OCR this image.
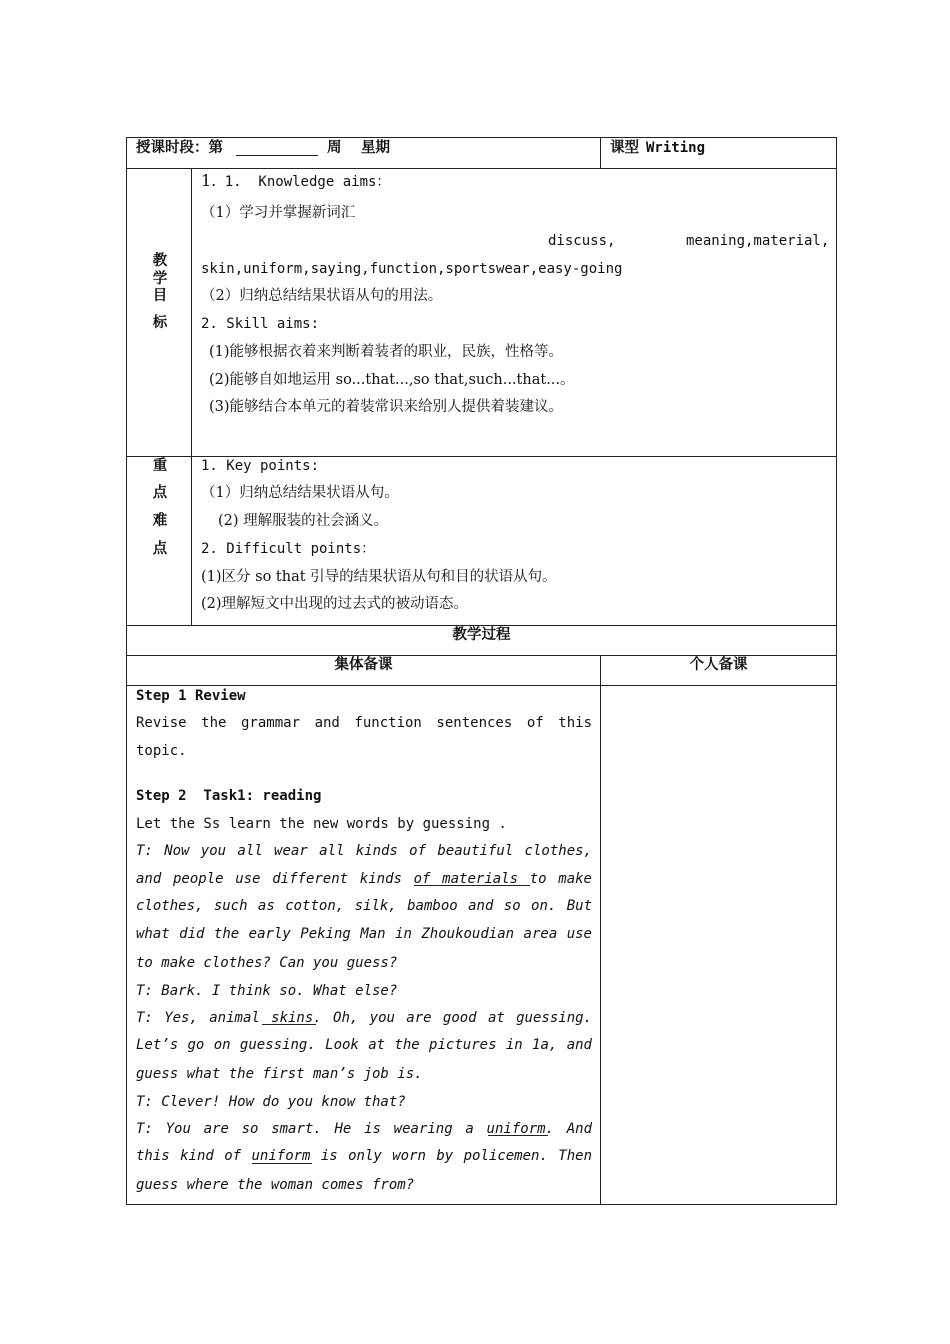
授课时段：第	周 星期	课型 Writing
教
学
目
标
1. 1.  Knowledge aims：
（1）学习并掌握新词汇
discuss,	meaning,material,
skin,uniform,saying,function,sportswear,easy-going
（2）归纳总结结果状语从句的用法。
2. Skill aims:
(1)能够根据衣着来判断着装者的职业，民族，性格等。
(2)能够自如地运用 so...that...,so that,such...that...。
(3)能够结合本单元的着装常识来给别人提供着装建议。
重
点
难
点
1. Key points:
（1）归纳总结结果状语从句。
(2) 理解服装的社会涵义。
2. Difficult points：
(1)区分 so that 引导的结果状语从句和目的状语从句。
(2)理解短文中出现的过去式的被动语态。
教学过程
集体备课	个人备课
Step 1 Review
Revise the grammar and function sentences of this
topic.
Step 2  Task1: reading
Let the Ss learn the new words by guessing .
T: Now you all wear all kinds of beautiful clothes,
and people use different kinds of materials to make
clothes, such as cotton, silk, bamboo and so on. But
what did the early Peking Man in Zhoukoudian area use
to make clothes? Can you guess?
T: Bark. I think so. What else?
T: Yes, animal skins. Oh, you are good at guessing.
Let’s go on guessing. Look at the pictures in 1a, and
guess what the first man’s job is.
T: Clever! How do you know that?
T: You are so smart. He is wearing a uniform. And
this kind of uniform is only worn by policemen. Then
guess where the woman comes from?
